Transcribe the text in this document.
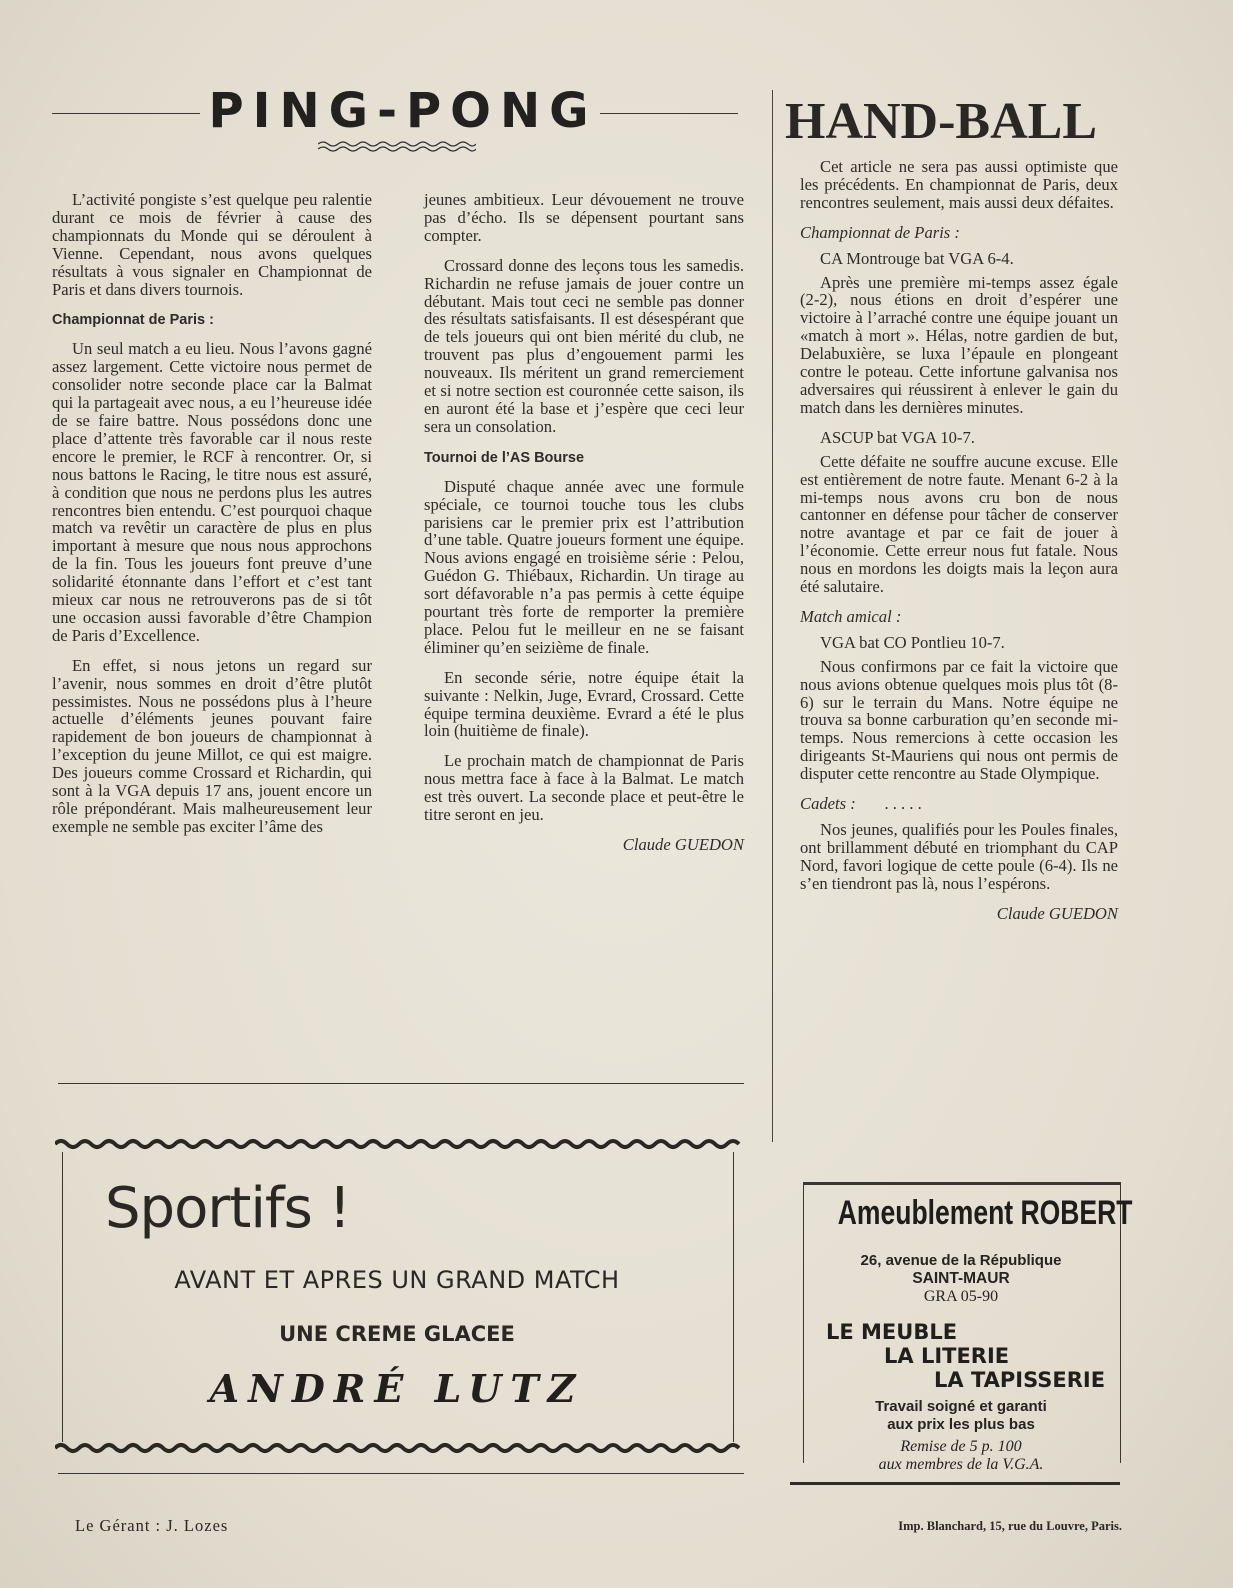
PING-PONG

L’activité pongiste s’est quelque peu ralentie durant ce mois de février à cause des championnats du Monde qui se déroulent à Vienne. Cependant, nous avons quelques résultats à vous signaler en Championnat de Paris et dans divers tournois.

Championnat de Paris :

Un seul match a eu lieu. Nous l’avons gagné assez largement. Cette victoire nous permet de consolider notre seconde place car la Balmat qui la partageait avec nous, a eu l’heureuse idée de se faire battre. Nous possédons donc une place d’attente très favorable car il nous reste encore le premier, le RCF à rencontrer. Or, si nous battons le Racing, le titre nous est assuré, à condition que nous ne perdons plus les autres rencontres bien entendu. C’est pourquoi chaque match va revêtir un caractère de plus en plus important à mesure que nous nous approchons de la fin. Tous les joueurs font preuve d’une solidarité étonnante dans l’effort et c’est tant mieux car nous ne retrouverons pas de si tôt une occasion aussi favorable d’être Champion de Paris d’Excellence.

En effet, si nous jetons un regard sur l’avenir, nous sommes en droit d’être plutôt pessimistes. Nous ne possédons plus à l’heure actuelle d’éléments jeunes pouvant faire rapidement de bon joueurs de championnat à l’exception du jeune Millot, ce qui est maigre. Des joueurs comme Crossard et Richardin, qui sont à la VGA depuis 17 ans, jouent encore un rôle prépondérant. Mais malheureusement leur exemple ne semble pas exciter l’âme des

jeunes ambitieux. Leur dévouement ne trouve pas d’écho. Ils se dépensent pourtant sans compter.

Crossard donne des leçons tous les samedis. Richardin ne refuse jamais de jouer contre un débutant. Mais tout ceci ne semble pas donner des résultats satisfaisants. Il est désespérant que de tels joueurs qui ont bien mérité du club, ne trouvent pas plus d’engouement parmi les nouveaux. Ils méritent un grand remerciement et si notre section est couronnée cette saison, ils en auront été la base et j’espère que ceci leur sera un consolation.

Tournoi de l’AS Bourse

Disputé chaque année avec une formule spéciale, ce tournoi touche tous les clubs parisiens car le premier prix est l’attribution d’une table. Quatre joueurs forment une équipe. Nous avions engagé en troisième série : Pelou, Guédon G. Thiébaux, Richardin. Un tirage au sort défavorable n’a pas permis à cette équipe pourtant très forte de remporter la première place. Pelou fut le meilleur en ne se faisant éliminer qu’en seizième de finale.

En seconde série, notre équipe était la suivante : Nelkin, Juge, Evrard, Crossard. Cette équipe termina deuxième. Evrard a été le plus loin (huitième de finale).

Le prochain match de championnat de Paris nous mettra face à face à la Balmat. Le match est très ouvert. La seconde place et peut-être le titre seront en jeu.

Claude GUEDON

HAND-BALL

Cet article ne sera pas aussi optimiste que les précédents. En championnat de Paris, deux rencontres seulement, mais aussi deux défaites.

Championnat de Paris :

CA Montrouge bat VGA 6-4.

Après une première mi-temps assez égale (2-2), nous étions en droit d’espérer une victoire à l’arraché contre une équipe jouant un «match à mort ». Hélas, notre gardien de but, Delabuxière, se luxa l’épaule en plongeant contre le poteau. Cette infortune galvanisa nos adversaires qui réussirent à enlever le gain du match dans les dernières minutes.

ASCUP bat VGA 10-7.

Cette défaite ne souffre aucune excuse. Elle est entièrement de notre faute. Menant 6-2 à la mi-temps nous avons cru bon de nous cantonner en défense pour tâcher de conserver notre avantage et par ce fait de jouer à l’économie. Cette erreur nous fut fatale. Nous nous en mordons les doigts mais la leçon aura été salutaire.

Match amical :

VGA bat CO Pontlieu 10-7.

Nous confirmons par ce fait la victoire que nous avions obtenue quelques mois plus tôt (8-6) sur le terrain du Mans. Notre équipe ne trouva sa bonne carburation qu’en seconde mi-temps. Nous remercions à cette occasion les dirigeants St-Mauriens qui nous ont permis de disputer cette rencontre au Stade Olympique.

Cadets : . . . . .

Nos jeunes, qualifiés pour les Poules finales, ont brillamment débuté en triomphant du CAP Nord, favori logique de cette poule (6-4). Ils ne s’en tiendront pas là, nous l’espérons.

Claude GUEDON

Sportifs !
AVANT ET APRES UN GRAND MATCH
UNE CREME GLACEE
ANDRÉ LUTZ
Ameublement ROBERT
26, avenue de la République
SAINT-MAUR
GRA 05-90
LE MEUBLE
LA LITERIE
LA TAPISSERIE
Travail soigné et garanti
aux prix les plus bas
Remise de 5 p. 100
aux membres de la V.G.A.
Le Gérant : J. Lozes	Imp. Blanchard, 15, rue du Louvre, Paris.
